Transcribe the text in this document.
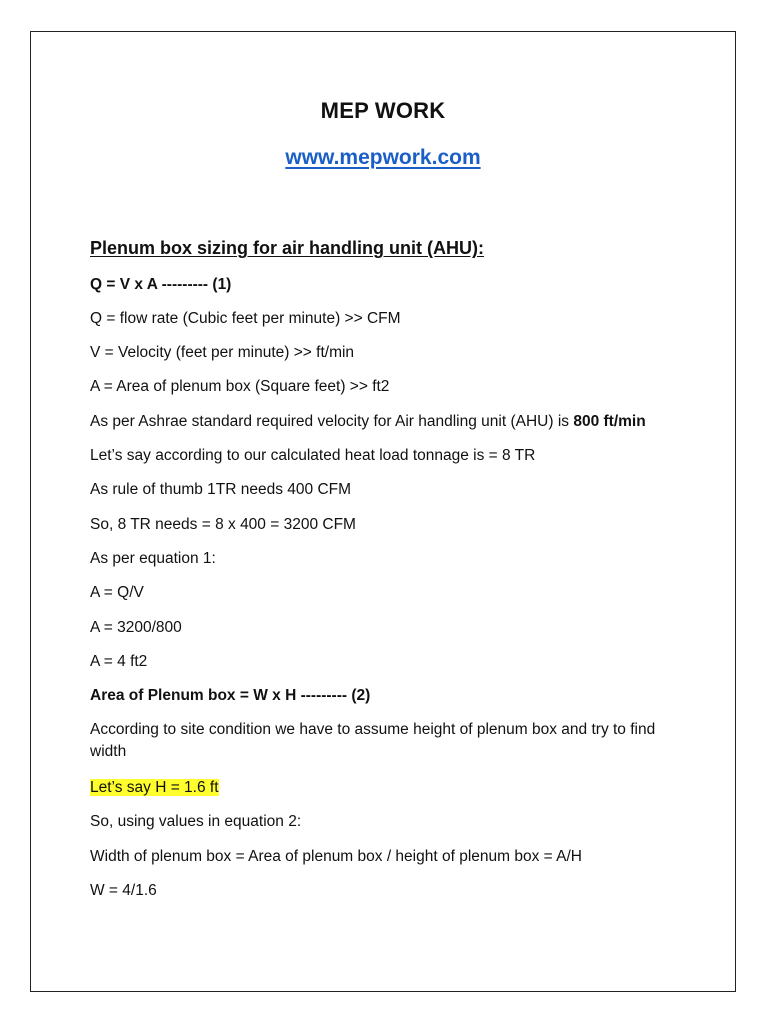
MEP WORK
www.mepwork.com
Plenum box sizing for air handling unit (AHU):
Q = V x A --------- (1)
Q = flow rate (Cubic feet per minute) >> CFM
V = Velocity (feet per minute) >> ft/min
A = Area of plenum box (Square feet) >> ft2
As per Ashrae standard required velocity for Air handling unit (AHU) is 800 ft/min
Let’s say according to our calculated heat load tonnage is = 8 TR
As rule of thumb 1TR needs 400 CFM
So, 8 TR needs = 8 x 400 = 3200 CFM
As per equation 1:
A = Q/V
A = 3200/800
A = 4 ft2
Area of Plenum box = W x H --------- (2)
According to site condition we have to assume height of plenum box and try to find width
Let’s say H = 1.6 ft
So, using values in equation 2:
Width of plenum box = Area of plenum box / height of plenum box = A/H
W = 4/1.6
